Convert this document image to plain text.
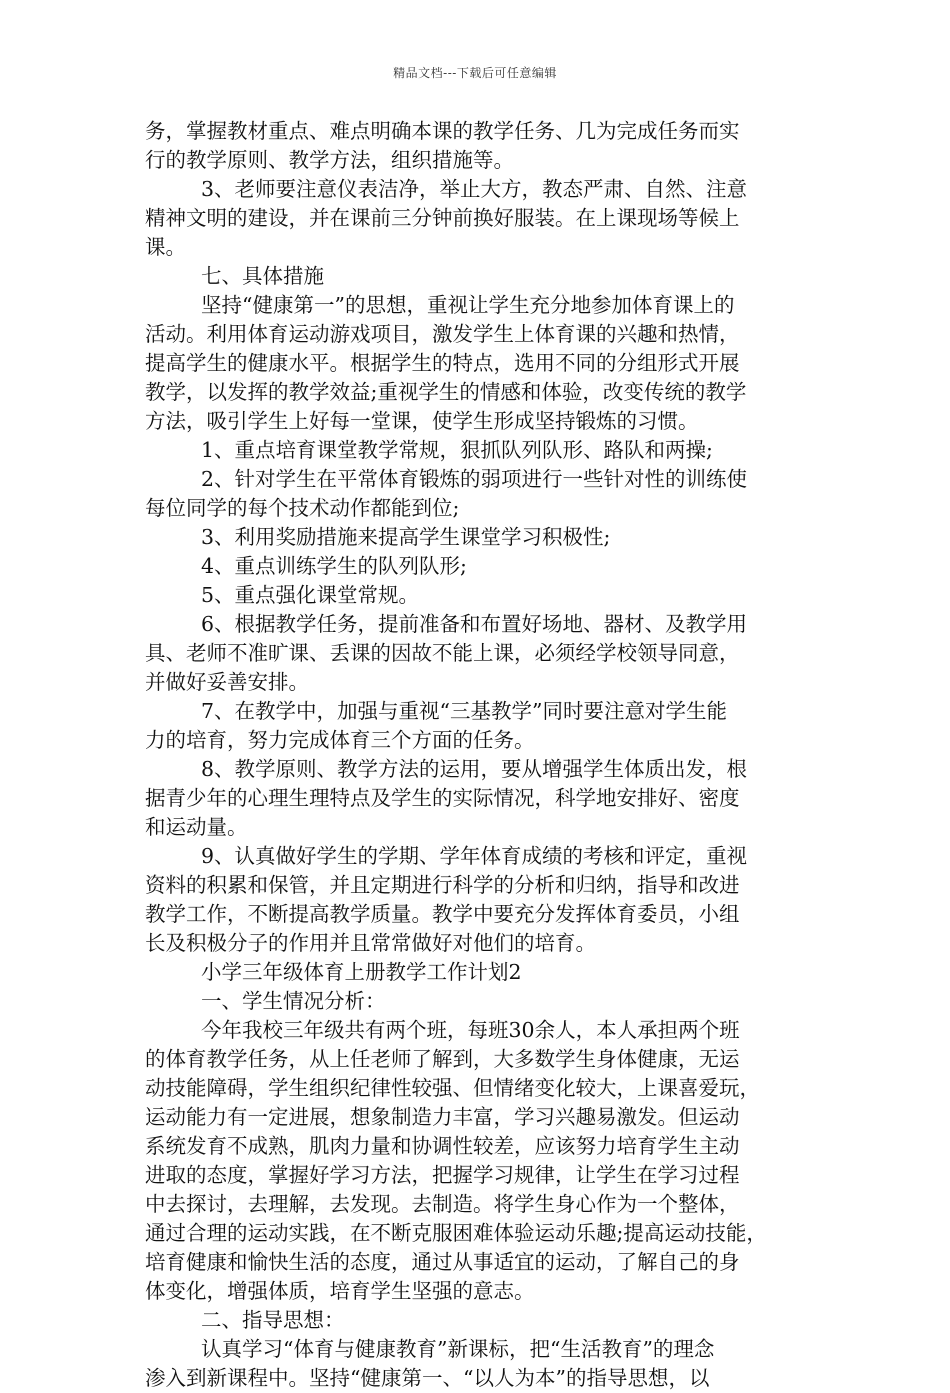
精品文档---下载后可任意编辑
务，掌握教材重点、难点明确本课的教学任务、几为完成任务而实
行的教学原则、教学方法，组织措施等。
3、老师要注意仪表洁净，举止大方，教态严肃、自然、注意
精神文明的建设，并在课前三分钟前换好服装。在上课现场等候上
课。
七、具体措施
坚持“健康第一”的思想，重视让学生充分地参加体育课上的
活动。利用体育运动游戏项目，激发学生上体育课的兴趣和热情，
提高学生的健康水平。根据学生的特点，选用不同的分组形式开展
教学，以发挥的教学效益;重视学生的情感和体验，改变传统的教学
方法，吸引学生上好每一堂课，使学生形成坚持锻炼的习惯。
1、重点培育课堂教学常规，狠抓队列队形、路队和两操;
2、针对学生在平常体育锻炼的弱项进行一些针对性的训练使
每位同学的每个技术动作都能到位;
3、利用奖励措施来提高学生课堂学习积极性;
4、重点训练学生的队列队形;
5、重点强化课堂常规。
6、根据教学任务，提前准备和布置好场地、器材、及教学用
具、老师不准旷课、丢课的因故不能上课，必须经学校领导同意，
并做好妥善安排。
7、在教学中，加强与重视“三基教学”同时要注意对学生能
力的培育，努力完成体育三个方面的任务。
8、教学原则、教学方法的运用，要从增强学生体质出发，根
据青少年的心理生理特点及学生的实际情况，科学地安排好、密度
和运动量。
9、认真做好学生的学期、学年体育成绩的考核和评定，重视
资料的积累和保管，并且定期进行科学的分析和归纳，指导和改进
教学工作，不断提高教学质量。教学中要充分发挥体育委员，小组
长及积极分子的作用并且常常做好对他们的培育。
小学三年级体育上册教学工作计划2
一、学生情况分析：
今年我校三年级共有两个班，每班30余人，本人承担两个班
的体育教学任务，从上任老师了解到，大多数学生身体健康，无运
动技能障碍，学生组织纪律性较强、但情绪变化较大，上课喜爱玩，
运动能力有一定进展，想象制造力丰富，学习兴趣易激发。但运动
系统发育不成熟，肌肉力量和协调性较差，应该努力培育学生主动
进取的态度，掌握好学习方法，把握学习规律，让学生在学习过程
中去探讨，去理解，去发现。去制造。将学生身心作为一个整体，
通过合理的运动实践，在不断克服困难体验运动乐趣;提高运动技能，
培育健康和愉快生活的态度，通过从事适宜的运动，了解自己的身
体变化，增强体质，培育学生坚强的意志。
二、指导思想：
认真学习“体育与健康教育”新课标，把“生活教育”的理念
渗入到新课程中。坚持“健康第一、“以人为本”的指导思想，以
